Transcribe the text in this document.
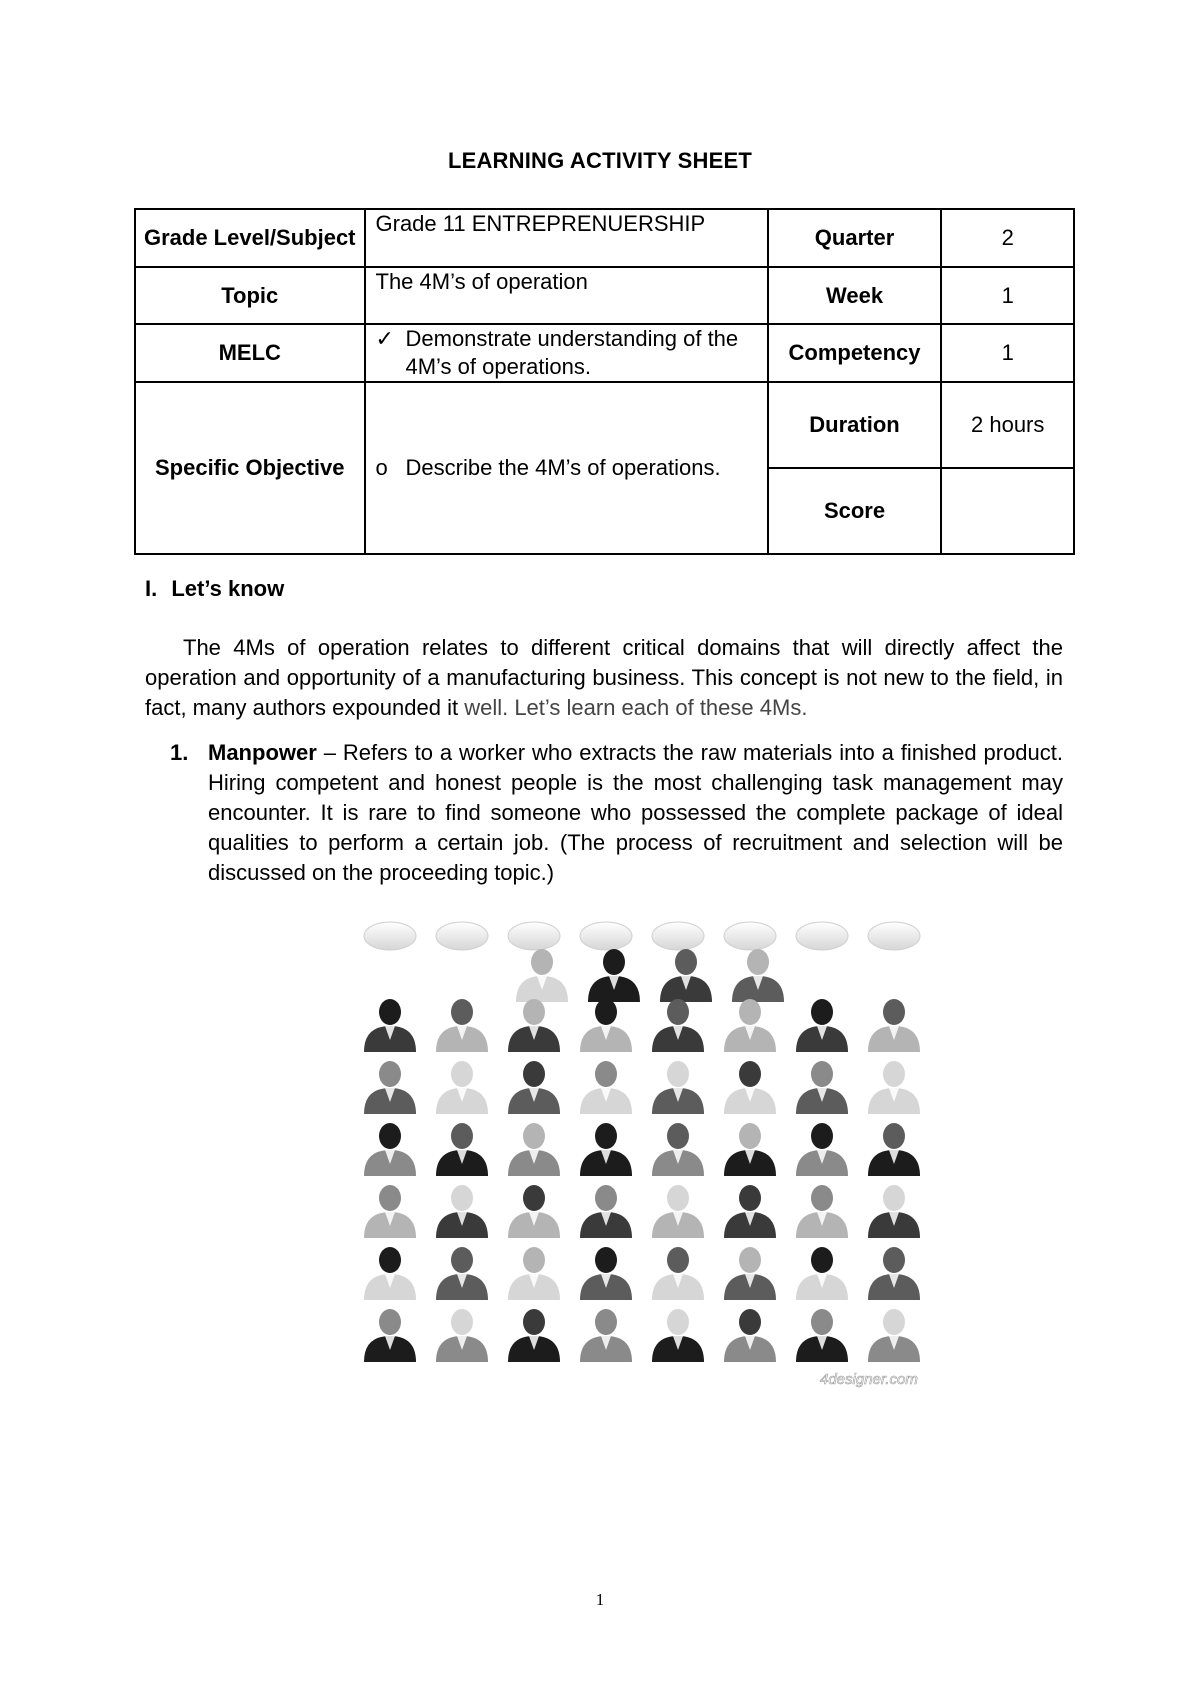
LEARNING ACTIVITY SHEET
Grade Level/Subject	Grade 11 ENTREPRENUERSHIP	Quarter	2
Topic	The 4M’s of operation	Week	1
MELC	✓ Demonstrate understanding of the 4M’s of operations.	Competency	1
Specific Objective	o Describe the 4M’s of operations.	Duration	2 hours
		Score	
I. Let’s know
The 4Ms of operation relates to different critical domains that will directly affect the operation and opportunity of a manufacturing business. This concept is not new to the field, in fact, many authors expounded it well. Let’s learn each of these 4Ms.
1. Manpower – Refers to a worker who extracts the raw materials into a finished product. Hiring competent and honest people is the most challenging task management may encounter. It is rare to find someone who possessed the complete package of ideal qualities to perform a certain job. (The process of recruitment and selection will be discussed on the proceeding topic.)
4designer.com
1
